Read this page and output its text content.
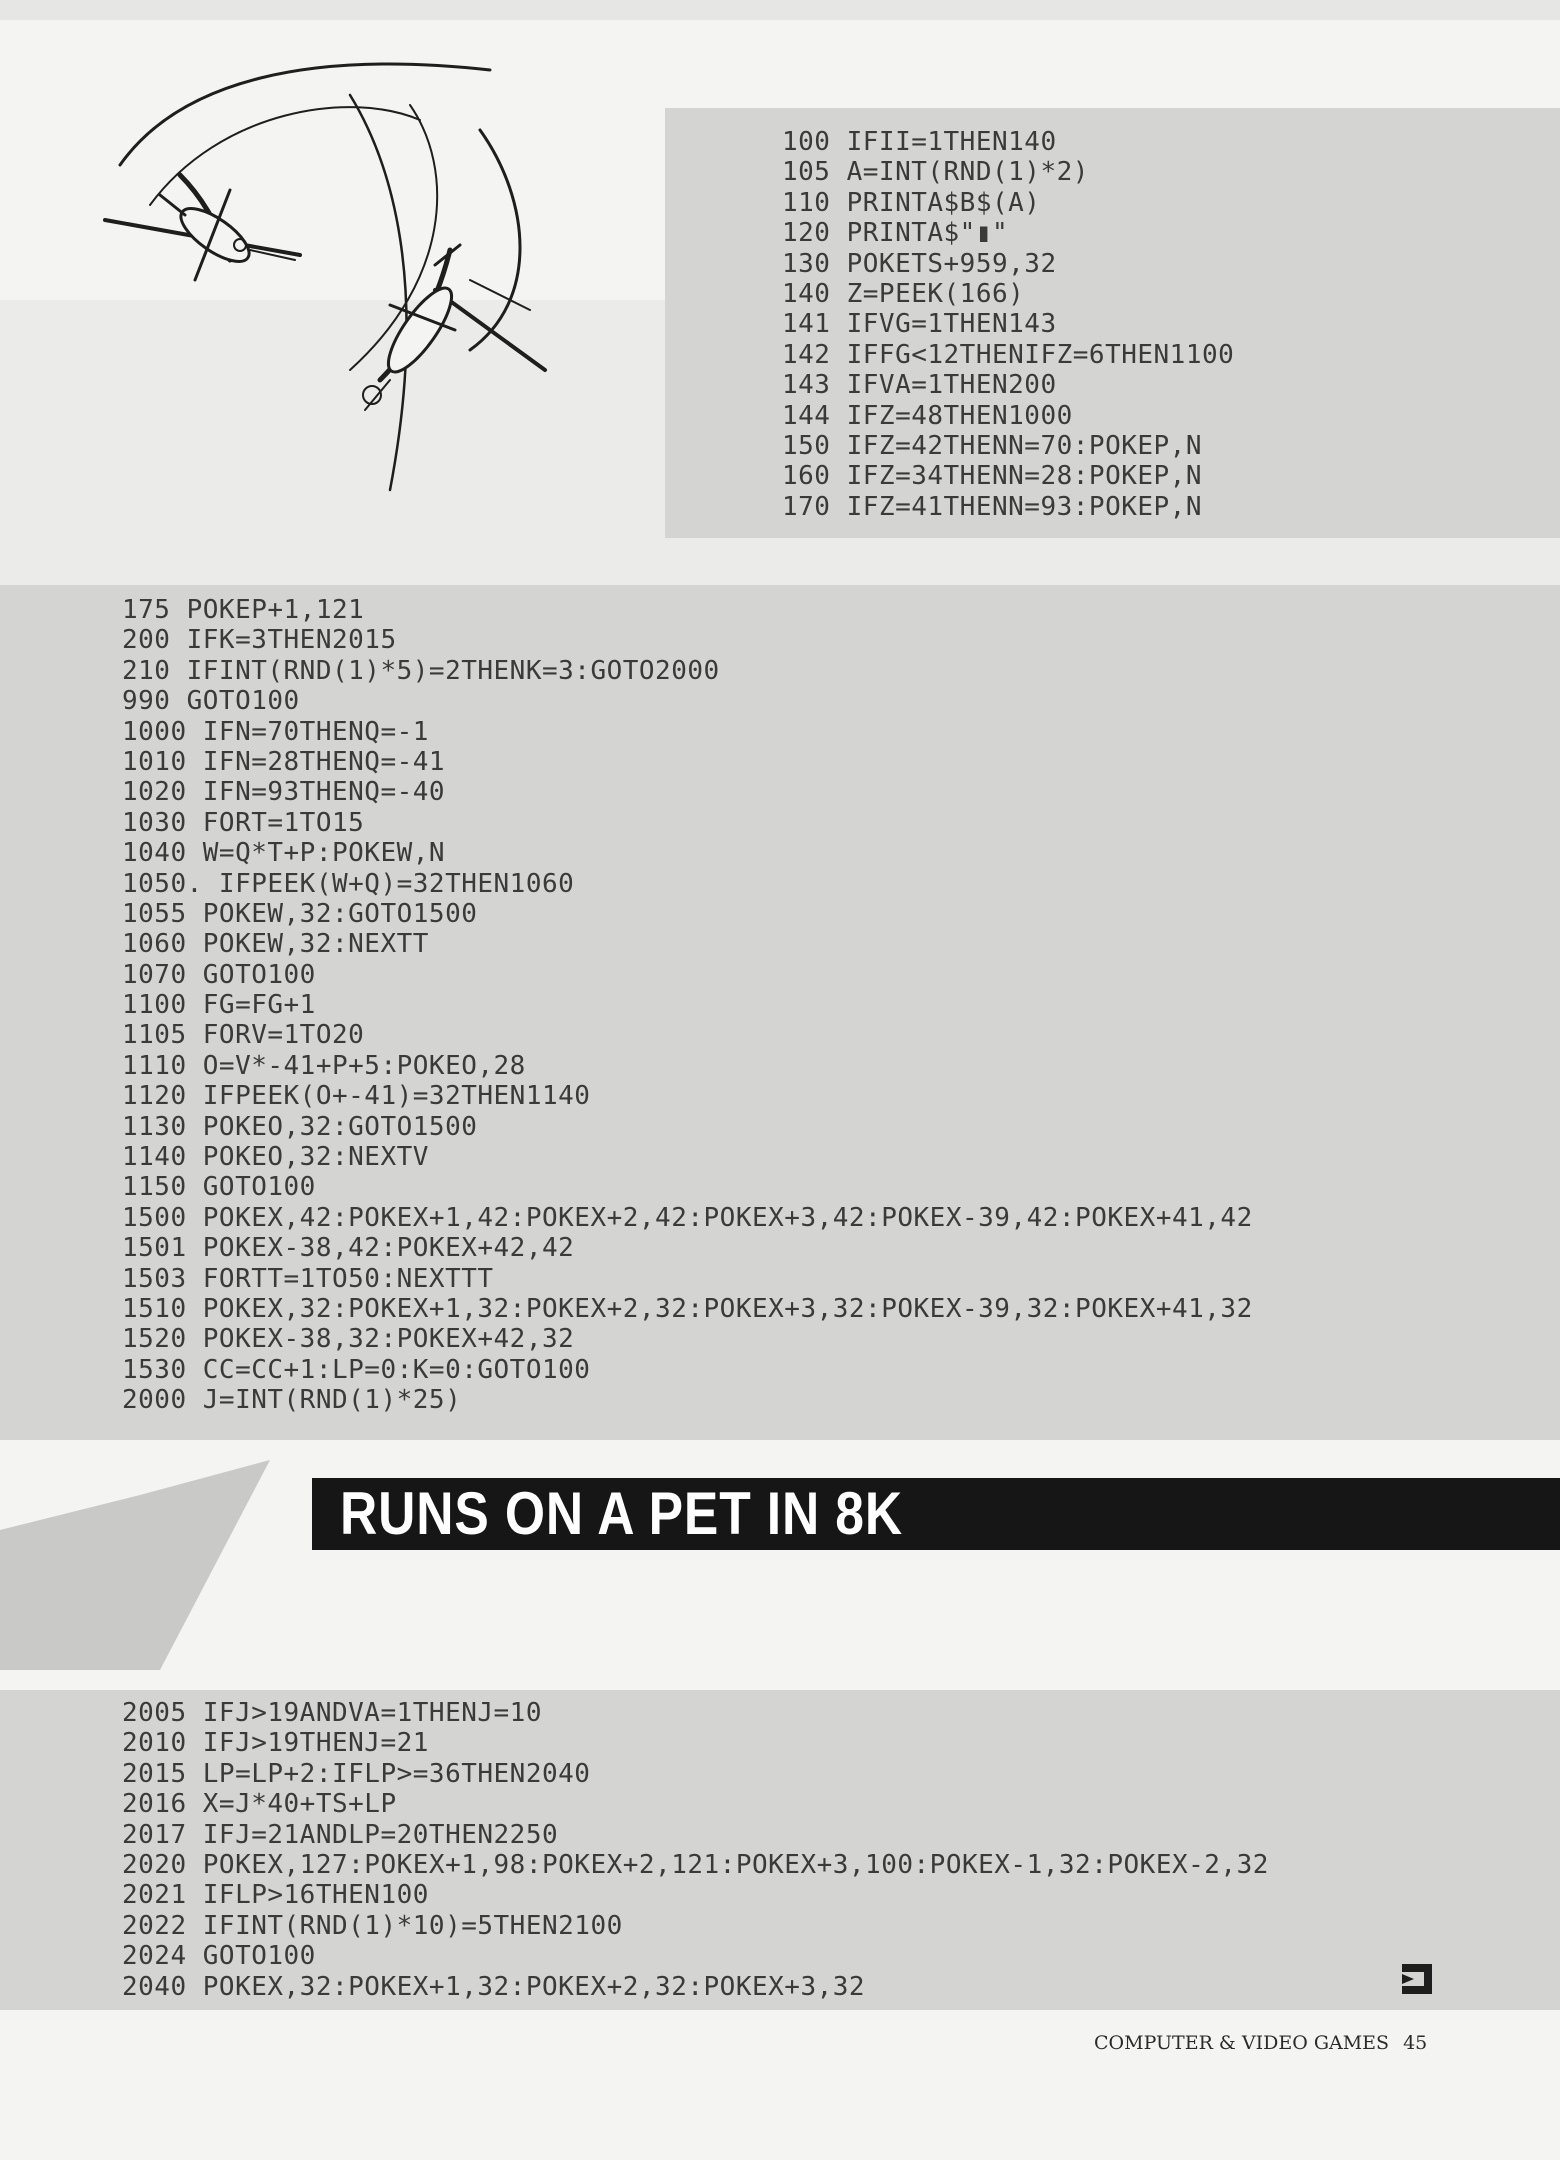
100 IFII=1THEN140
105 A=INT(RND(1)*2)
110 PRINTA$B$(A)
120 PRINTA$"▮"
130 POKETS+959,32
140 Z=PEEK(166)
141 IFVG=1THEN143
142 IFFG<12THENIFZ=6THEN1100
143 IFVA=1THEN200
144 IFZ=48THEN1000
150 IFZ=42THENN=70:POKEP,N
160 IFZ=34THENN=28:POKEP,N
170 IFZ=41THENN=93:POKEP,N
175 POKEP+1,121
200 IFK=3THEN2015
210 IFINT(RND(1)*5)=2THENK=3:GOTO2000
990 GOTO100
1000 IFN=70THENQ=-1
1010 IFN=28THENQ=-41
1020 IFN=93THENQ=-40
1030 FORT=1TO15
1040 W=Q*T+P:POKEW,N
1050. IFPEEK(W+Q)=32THEN1060
1055 POKEW,32:GOTO1500
1060 POKEW,32:NEXTT
1070 GOTO100
1100 FG=FG+1
1105 FORV=1TO20
1110 O=V*-41+P+5:POKEO,28
1120 IFPEEK(O+-41)=32THEN1140
1130 POKEO,32:GOTO1500
1140 POKEO,32:NEXTV
1150 GOTO100
1500 POKEX,42:POKEX+1,42:POKEX+2,42:POKEX+3,42:POKEX-39,42:POKEX+41,42
1501 POKEX-38,42:POKEX+42,42
1503 FORTT=1TO50:NEXTTT
1510 POKEX,32:POKEX+1,32:POKEX+2,32:POKEX+3,32:POKEX-39,32:POKEX+41,32
1520 POKEX-38,32:POKEX+42,32
1530 CC=CC+1:LP=0:K=0:GOTO100
2000 J=INT(RND(1)*25)
2005 IFJ>19ANDVA=1THENJ=10
2010 IFJ>19THENJ=21
2015 LP=LP+2:IFLP>=36THEN2040
2016 X=J*40+TS+LP
2017 IFJ=21ANDLP=20THEN2250
2020 POKEX,127:POKEX+1,98:POKEX+2,121:POKEX+3,100:POKEX-1,32:POKEX-2,32
2021 IFLP>16THEN100
2022 IFINT(RND(1)*10)=5THEN2100
2024 GOTO100
2040 POKEX,32:POKEX+1,32:POKEX+2,32:POKEX+3,32
RUNS ON A PET IN 8K
COMPUTER & VIDEO GAMES 45
